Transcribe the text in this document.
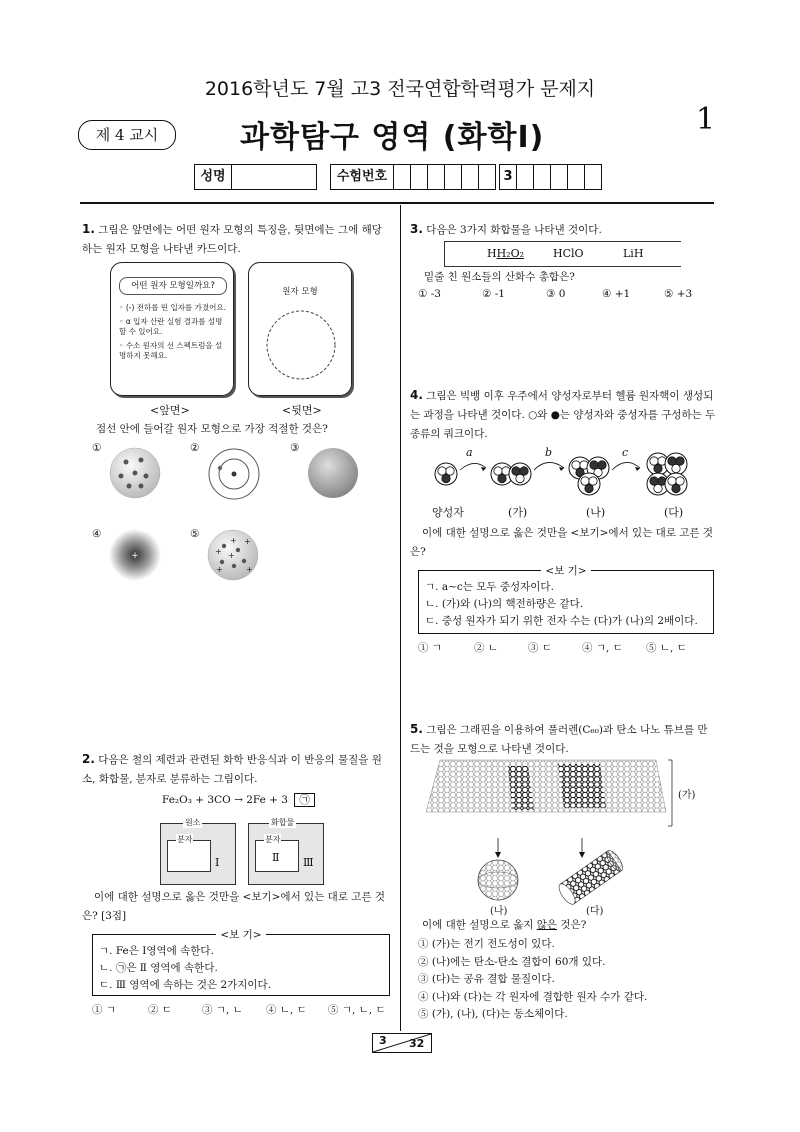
2016학년도 7월 고3 전국연합학력평가 문제지
제 4 교시	과학탐구 영역 (화학Ⅰ)
1
성명	수험번호	3
1. 그림은 앞면에는 어떤 원자 모형의 특징을, 뒷면에는 그에 해당하는 원자 모형을 나타낸 카드이다.
어떤 원자 모형일까요?
◦ (-) 전하를 띤 입자를 가졌어요.
◦ α 입자 산란 실험 결과를 설명할 수 있어요.
◦ 수소 원자의 선 스펙트럼을 설명하지 못해요.
원자 모형
<앞면>	<뒷면>
점선 안에 들어갈 원자 모형으로 가장 적절한 것은?
①	②	③
④
+
⑤
+ +
+ +
+
+
2. 다음은 철의 제련과 관련된 화학 반응식과 이 반응의 물질을 원소, 화합물, 분자로 분류하는 그림이다.
Fe₂O₃ + 3CO → 2Fe + 3 ㉠
원소
분자
Ⅰ
화합물
분자
Ⅱ Ⅲ
이에 대한 설명으로 옳은 것만을 <보기>에서 있는 대로 고른 것은? [3점]
<보 기>
ㄱ. Fe은 Ⅰ영역에 속한다.
ㄴ. ㉠은 Ⅱ 영역에 속한다.
ㄷ. Ⅲ 영역에 속하는 것은 2가지이다.
① ㄱ	② ㄷ	③ ㄱ, ㄴ ④ ㄴ, ㄷ ⑤ ㄱ, ㄴ, ㄷ
3. 다음은 3가지 화합물을 나타낸 것이다.
HH₂O₂	HClO	LiH
밑줄 친 원소들의 산화수 총합은?
① -3	② -1	③ 0	④ +1	⑤ +3
4. 그림은 빅뱅 이후 우주에서 양성자로부터 헬륨 원자핵이 생성되는 과정을 나타낸 것이다. ○와 ●는 양성자와 중성자를 구성하는 두 종류의 쿼크이다.
a	b	c
양성자	(가)	(나)	(다)
이에 대한 설명으로 옳은 것만을 <보기>에서 있는 대로 고른 것은?
<보 기>
ㄱ. a~c는 모두 중성자이다.
ㄴ. (가)와 (나)의 핵전하량은 같다.
ㄷ. 중성 원자가 되기 위한 전자 수는 (다)가 (나)의 2배이다.
① ㄱ	② ㄴ	③ ㄷ	④ ㄱ, ㄷ ⑤ ㄴ, ㄷ
5. 그림은 그래핀을 이용하여 풀러렌(C₆₀)과 탄소 나노 튜브를 만드는 것을 모형으로 나타낸 것이다.
(가)
(나)	(다)
이에 대한 설명으로 옳지 않은 것은?
① (가)는 전기 전도성이 있다.
② (나)에는 탄소-탄소 결합이 60개 있다.
③ (다)는 공유 결합 물질이다.
④ (나)와 (다)는 각 원자에 결합한 원자 수가 같다.
⑤ (가), (나), (다)는 동소체이다.
3 32
